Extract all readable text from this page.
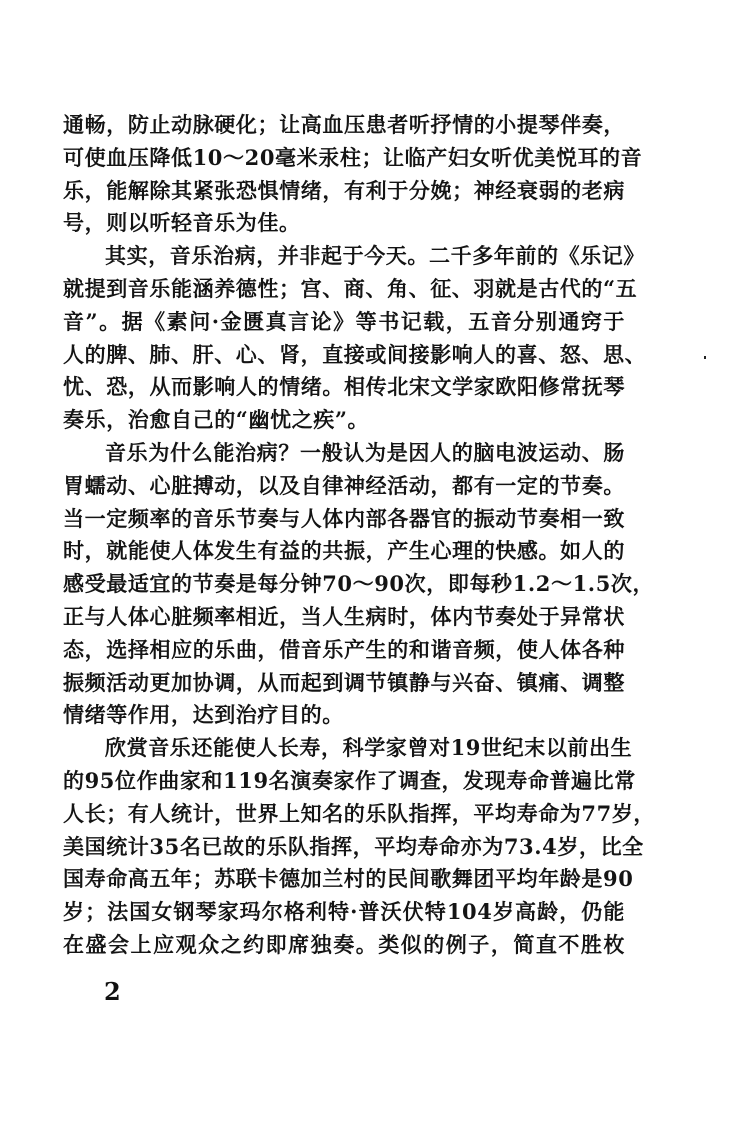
通畅，防止动脉硬化；让高血压患者听抒情的小提琴伴奏，
可使血压降低10～20毫米汞柱；让临产妇女听优美悦耳的音
乐，能解除其紧张恐惧情绪，有利于分娩；神经衰弱的老病
号，则以听轻音乐为佳。
其实，音乐治病，并非起于今天。二千多年前的《乐记》
就提到音乐能涵养德性；宫、商、角、征、羽就是古代的“五
音”。据《素问·金匮真言论》等书记载，五音分别通窍于
人的脾、肺、肝、心、肾，直接或间接影响人的喜、怒、思、
忧、恐，从而影响人的情绪。相传北宋文学家欧阳修常抚琴
奏乐，治愈自己的“幽忧之疾”。
音乐为什么能治病？一般认为是因人的脑电波运动、肠
胃蠕动、心脏搏动，以及自律神经活动，都有一定的节奏。
当一定频率的音乐节奏与人体内部各器官的振动节奏相一致
时，就能使人体发生有益的共振，产生心理的快感。如人的
感受最适宜的节奏是每分钟70～90次，即每秒1.2～1.5次，
正与人体心脏频率相近，当人生病时，体内节奏处于异常状
态，选择相应的乐曲，借音乐产生的和谐音频，使人体各种
振频活动更加协调，从而起到调节镇静与兴奋、镇痛、调整
情绪等作用，达到治疗目的。
欣赏音乐还能使人长寿，科学家曾对19世纪末以前出生
的95位作曲家和119名演奏家作了调查，发现寿命普遍比常
人长；有人统计，世界上知名的乐队指挥，平均寿命为77岁，
美国统计35名已故的乐队指挥，平均寿命亦为73.4岁，比全
国寿命高五年；苏联卡德加兰村的民间歌舞团平均年龄是90
岁；法国女钢琴家玛尔格利特·普沃伏特104岁高龄，仍能
在盛会上应观众之约即席独奏。类似的例子，简直不胜枚
2
